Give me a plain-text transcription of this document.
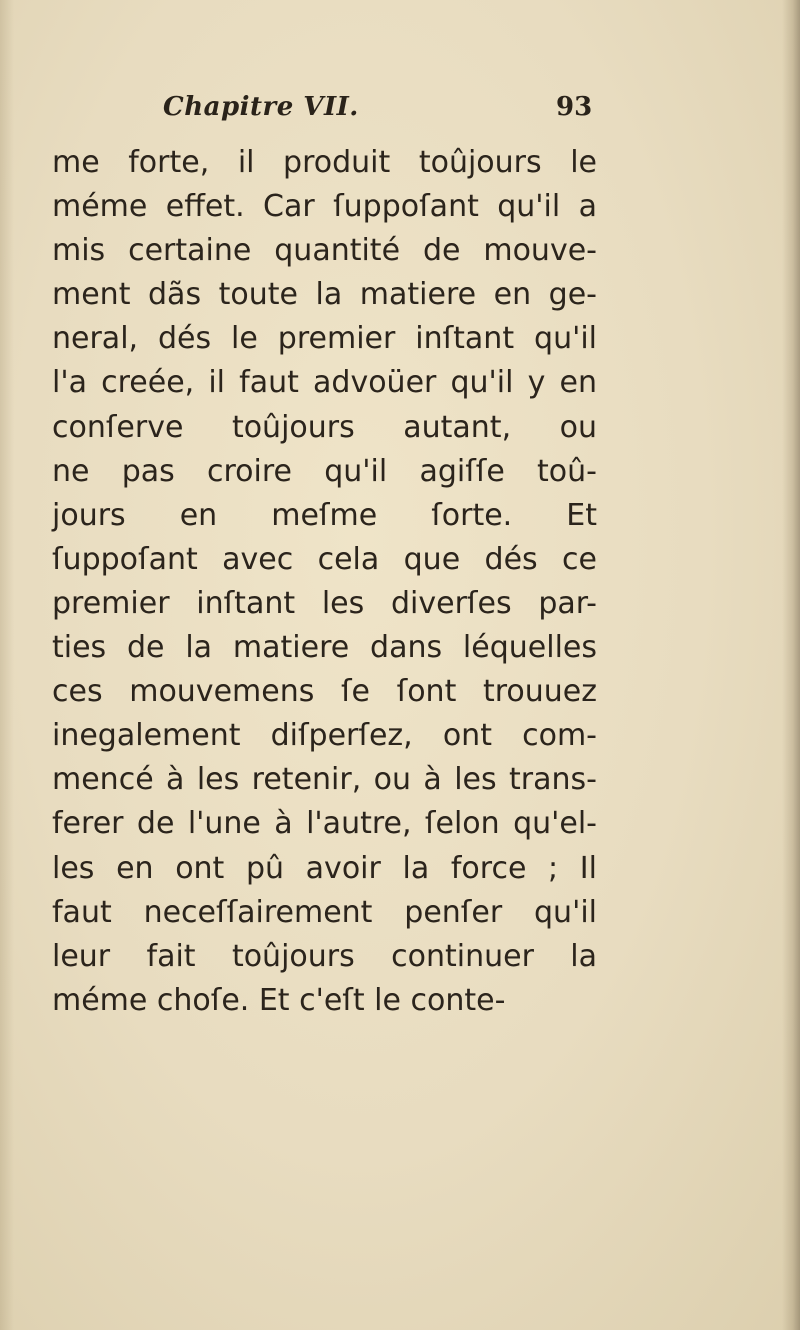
Chapitre VII.	93
me forte, il produit toûjours le
méme effet. Car ſuppoſant qu'il a
mis certaine quantité de mouve-
ment dãs toute la matiere en ge-
neral, dés le premier inſtant qu'il
l'a creée, il faut advoüer qu'il y en
conſerve toûjours autant, ou
ne pas croire qu'il agiſſe toû-
jours en meſme ſorte. Et
ſuppoſant avec cela que dés ce
premier inſtant les diverſes par-
ties de la matiere dans léquelles
ces mouvemens ſe ſont trouuez
inegalement diſperſez, ont com-
mencé à les retenir, ou à les trans-
ferer de l'une à l'autre, ſelon qu'el-
les en ont pû avoir la force ; Il
faut neceſſairement penſer qu'il
leur fait toûjours continuer la
méme choſe. Et c'eſt le conte-
